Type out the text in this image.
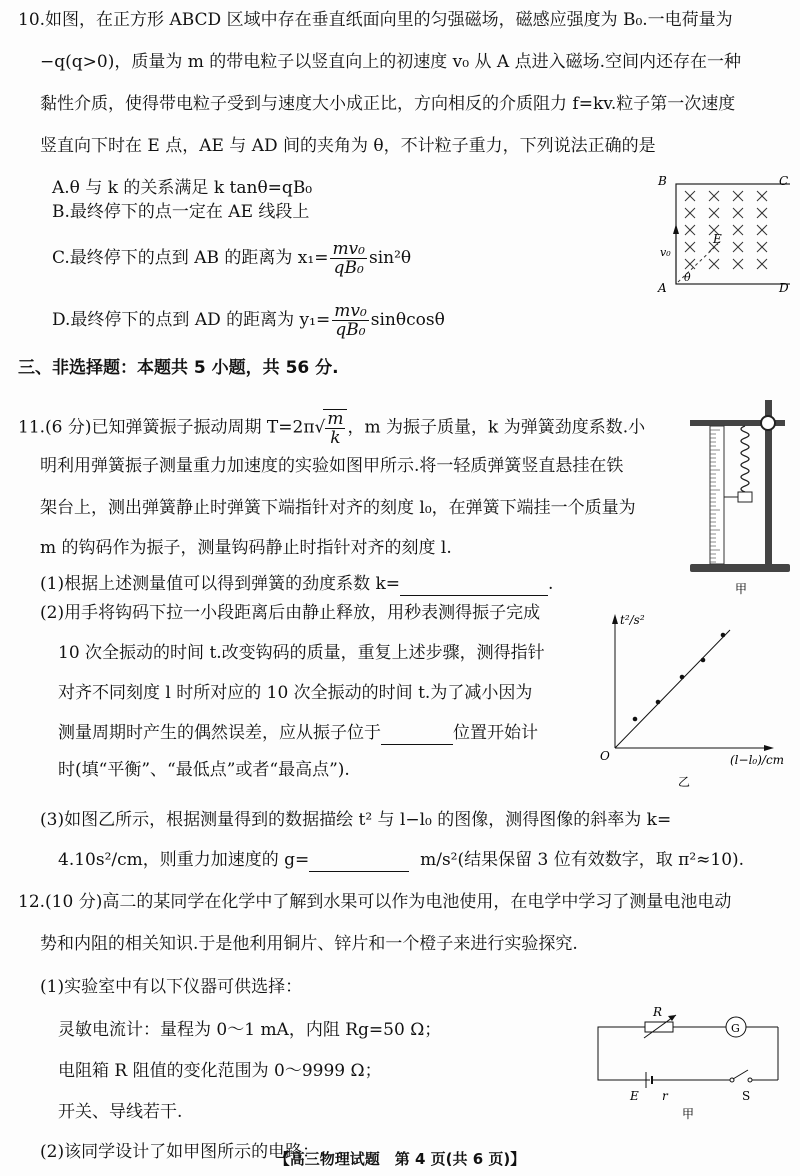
10.如图，在正方形 ABCD 区域中存在垂直纸面向里的匀强磁场，磁感应强度为 B₀.一电荷量为
−q(q>0)，质量为 m 的带电粒子以竖直向上的初速度 v₀ 从 A 点进入磁场.空间内还存在一种
黏性介质，使得带电粒子受到与速度大小成正比，方向相反的介质阻力 f=kv.粒子第一次速度
竖直向下时在 E 点，AE 与 AD 间的夹角为 θ，不计粒子重力，下列说法正确的是
A.θ 与 k 的关系满足 k tanθ=qB₀
B.最终停下的点一定在 AE 线段上
C.最终停下的点到 AB 的距离为 $x_1= \frac{\text{mv₀}}{\text{qB₀}} \sin^2\theta$
D.最终停下的点到 AD 的距离为 $y_1= \frac{\text{mv₀}}{\text{qB₀}}$ sinθcosθ
B	C
A	D
E
v₀
θ
三、非选择题：本题共 5 小题，共 56 分.
11.(6 分)已知弹簧振子振动周期 $T=2\pi√ \frac{m}{k}$ ，m 为振子质量，k 为弹簧劲度系数.小
明利用弹簧振子测量重力加速度的实验如图甲所示.将一轻质弹簧竖直悬挂在铁
架台上，测出弹簧静止时弹簧下端指针对齐的刻度 l₀，在弹簧下端挂一个质量为
m 的钩码作为振子，测量钩码静止时指针对齐的刻度 l.
(1)根据上述测量值可以得到弹簧的劲度系数 k=	.
(2)用手将钩码下拉一小段距离后由静止释放，用秒表测得振子完成
10 次全振动的时间 t.改变钩码的质量，重复上述步骤，测得指针
对齐不同刻度 l 时所对应的 10 次全振动的时间 t.为了减小因为
测量周期时产生的偶然误差，应从振子位于	位置开始计
时(填“平衡”、“最低点”或者“最高点”).
(3)如图乙所示，根据测量得到的数据描绘 t² 与 l−l₀ 的图像，测得图像的斜率为 k=
4.10s²/cm，则重力加速度的 g=	m/s²(结果保留 3 位有效数字，取 π²≈10).
甲
t²/s²
(l−l₀)/cm
O
乙
12.(10 分)高二的某同学在化学中了解到水果可以作为电池使用，在电学中学习了测量电池电动
势和内阻的相关知识.于是他利用铜片、锌片和一个橙子来进行实验探究.
(1)实验室中有以下仪器可供选择：
灵敏电流计：量程为 0～1 mA，内阻 Rg=50 Ω；
电阻箱 R 阻值的变化范围为 0～9999 Ω；
开关、导线若干.
(2)该同学设计了如甲图所示的电路：
R
G
E r	S
甲
【高三物理试题　第 4 页(共 6 页)】
